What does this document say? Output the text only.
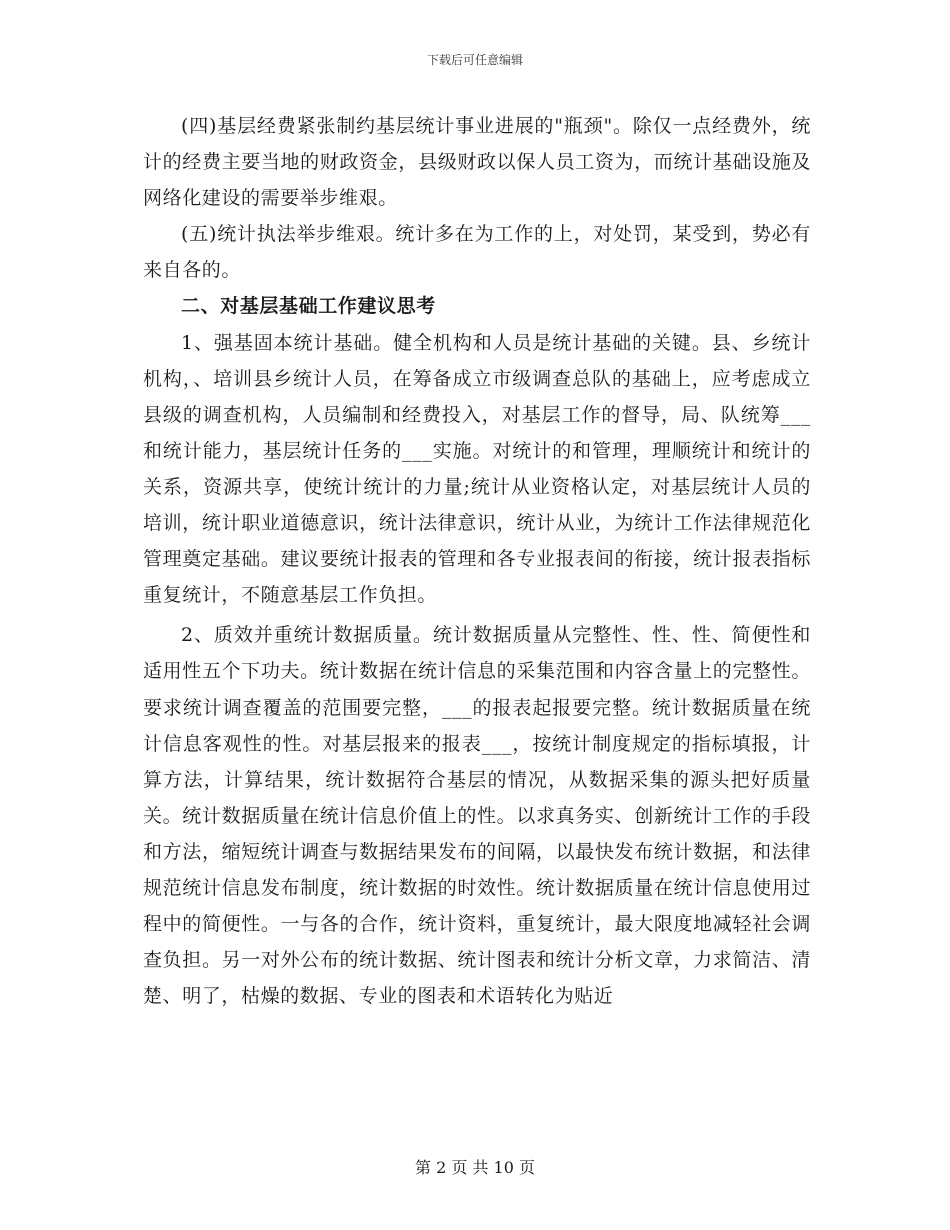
下载后可任意编辑

(四)基层经费紧张制约基层统计事业进展的"瓶颈"。除仅一点经费外，统计的经费主要当地的财政资金，县级财政以保人员工资为，而统计基础设施及网络化建设的需要举步维艰。

(五)统计执法举步维艰。统计多在为工作的上，对处罚，某受到，势必有来自各的。

二、对基层基础工作建议思考

1、强基固本统计基础。健全机构和人员是统计基础的关键。县、乡统计机构，、培训县乡统计人员，在筹备成立市级调查总队的基础上，应考虑成立县级的调查机构，人员编制和经费投入，对基层工作的督导，局、队统筹___和统计能力，基层统计任务的___实施。对统计的和管理，理顺统计和统计的关系，资源共享，使统计统计的力量;统计从业资格认定，对基层统计人员的培训，统计职业道德意识，统计法律意识，统计从业，为统计工作法律规范化管理奠定基础。建议要统计报表的管理和各专业报表间的衔接，统计报表指标重复统计，不随意基层工作负担。

2、质效并重统计数据质量。统计数据质量从完整性、性、性、简便性和适用性五个下功夫。统计数据在统计信息的采集范围和内容含量上的完整性。要求统计调查覆盖的范围要完整，___的报表起报要完整。统计数据质量在统计信息客观性的性。对基层报来的报表___，按统计制度规定的指标填报，计算方法，计算结果，统计数据符合基层的情况，从数据采集的源头把好质量关。统计数据质量在统计信息价值上的性。以求真务实、创新统计工作的手段和方法，缩短统计调查与数据结果发布的间隔，以最快发布统计数据，和法律规范统计信息发布制度，统计数据的时效性。统计数据质量在统计信息使用过程中的简便性。一与各的合作，统计资料，重复统计，最大限度地减轻社会调查负担。另一对外公布的统计数据、统计图表和统计分析文章，力求简洁、清楚、明了，枯燥的数据、专业的图表和术语转化为贴近

第 2 页 共 10 页
